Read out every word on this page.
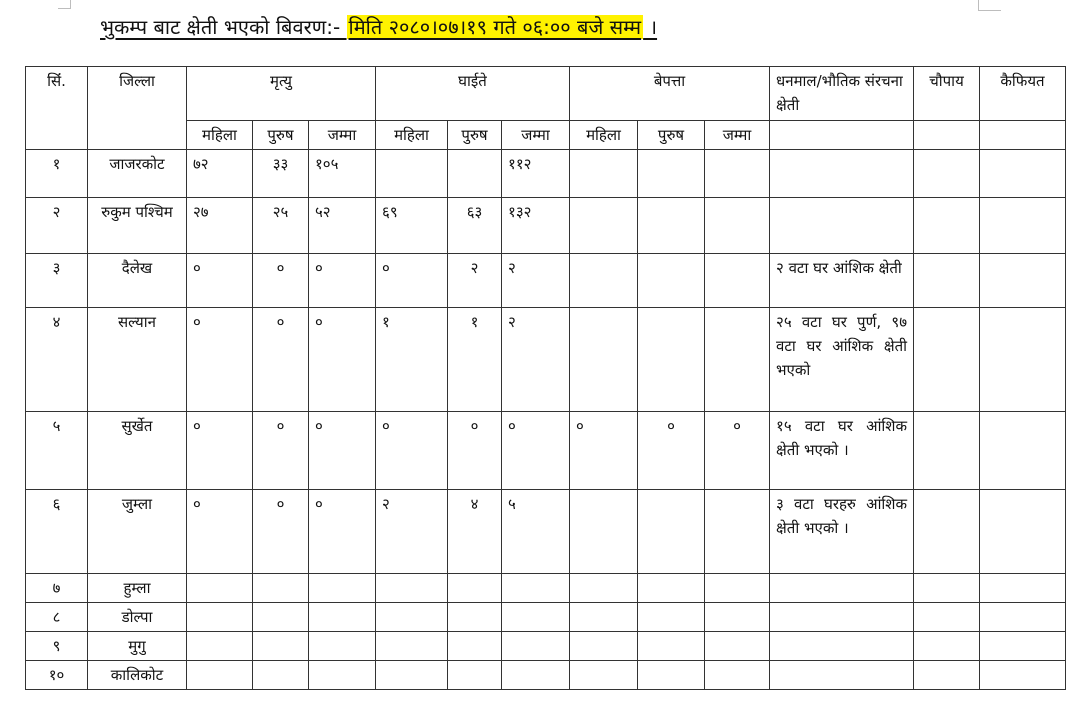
भुकम्प बाट क्षेती भएको बिवरण:- मिति २०८०।०७।१९ गते ०६:०० बजे सम्म ।
सिंं.	जिल्ला	मृत्यु			घाईते			बेपत्ता			धनमाल/भौतिक संरचना क्षेती	चौपाय	कैफियत
		महिला	पुरुष	जम्मा	महिला	पुरुष	जम्मा	महिला	पुरुष	जम्मा			
१	जाजरकोट	७२	३३	१०५			११२						
२	रुकुम पश्चिम	२७	२५	५२	६९	६३	१३२						
३	दैलेख	०	०	०	०	२	२				२ वटा घर आंशिक क्षेती		
४	सल्यान	०	०	०	१	१	२				२५ वटा घर पुर्ण, ९७ वटा घर आंशिक क्षेती भएको		
५	सुर्खेत	०	०	०	०	०	०	०	०	०	१५ वटा घर आंशिक क्षेती भएको ।		
६	जुम्ला	०	०	०	२	४	५				३ वटा घरहरु आंशिक क्षेती भएको ।		
७	हुम्ला												
८	डोल्पा												
९	मुगु												
१०	कालिकोट												
